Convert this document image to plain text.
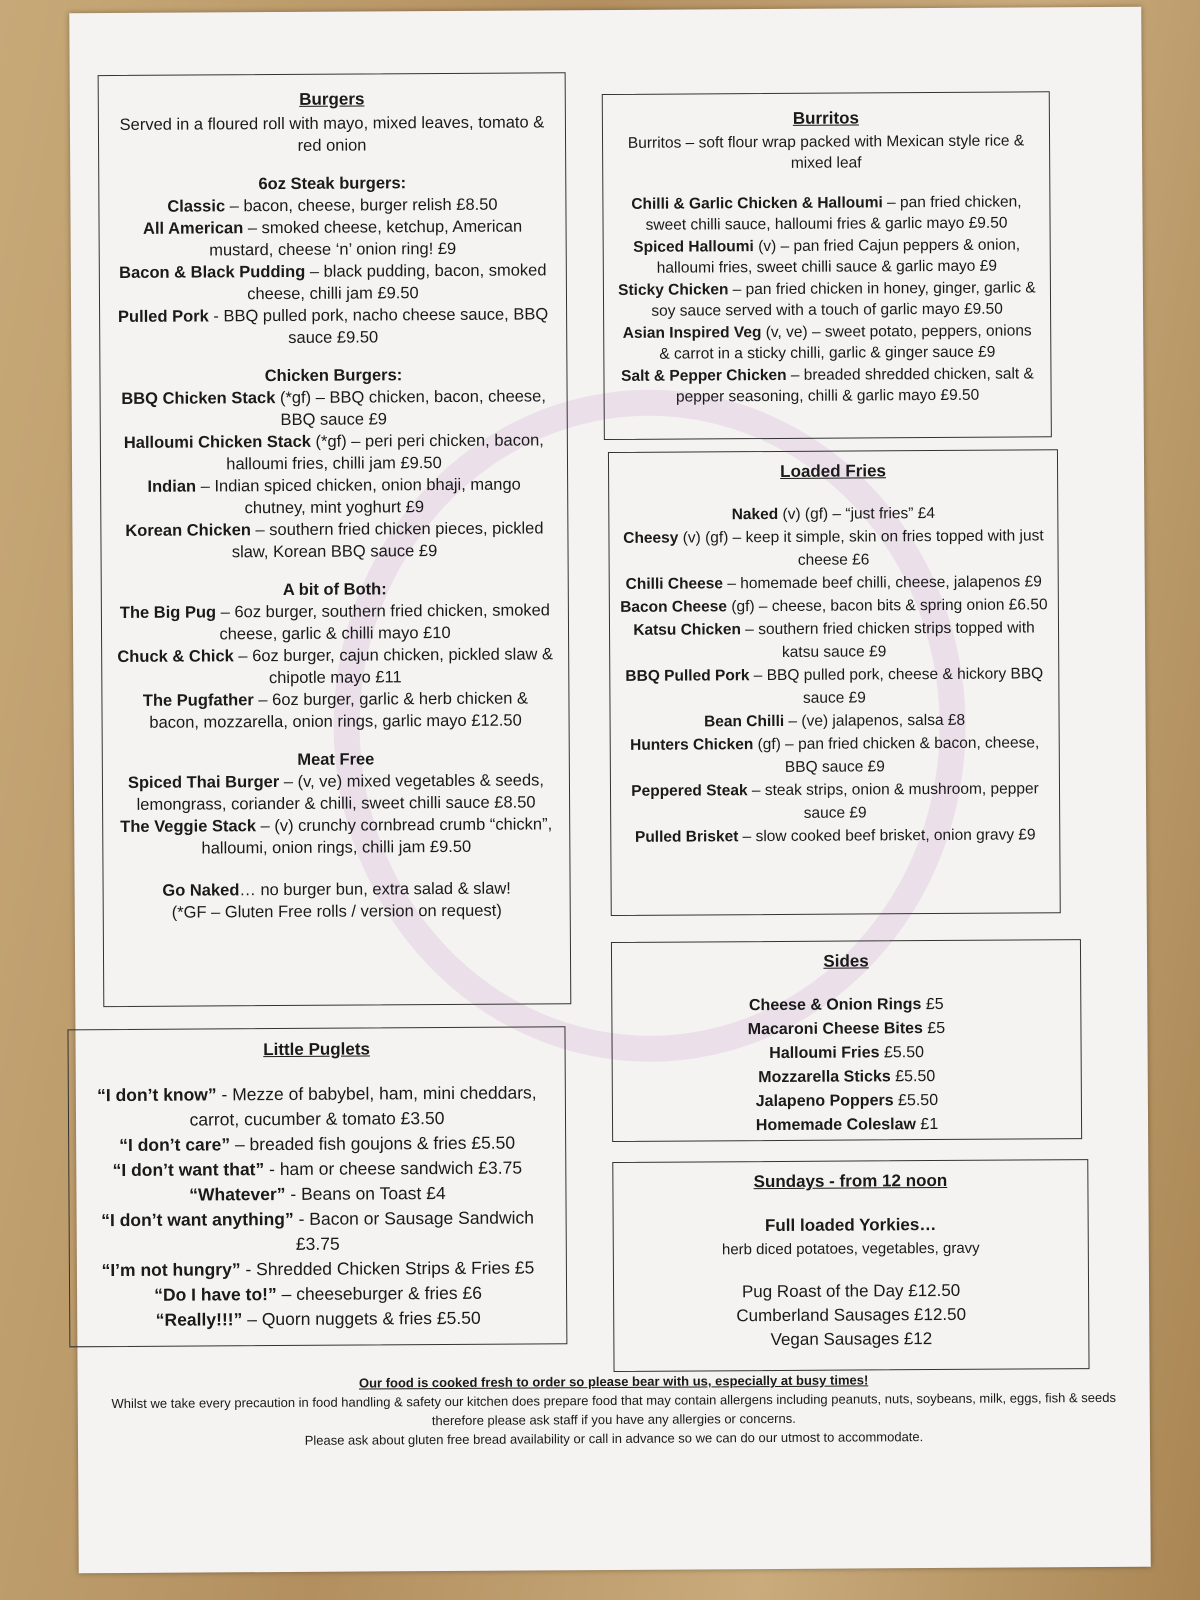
Burgers
Served in a floured roll with mayo, mixed leaves, tomato & red onion
6oz Steak burgers:
Classic – bacon, cheese, burger relish £8.50
All American – smoked cheese, ketchup, American mustard, cheese ‘n’ onion ring! £9
Bacon & Black Pudding – black pudding, bacon, smoked cheese, chilli jam £9.50
Pulled Pork - BBQ pulled pork, nacho cheese sauce, BBQ sauce £9.50
Chicken Burgers:
BBQ Chicken Stack (*gf) – BBQ chicken, bacon, cheese, BBQ sauce £9
Halloumi Chicken Stack (*gf) – peri peri chicken, bacon, halloumi fries, chilli jam £9.50
Indian – Indian spiced chicken, onion bhaji, mango chutney, mint yoghurt £9
Korean Chicken – southern fried chicken pieces, pickled slaw, Korean BBQ sauce £9
A bit of Both:
The Big Pug – 6oz burger, southern fried chicken, smoked cheese, garlic & chilli mayo £10
Chuck & Chick – 6oz burger, cajun chicken, pickled slaw & chipotle mayo £11
The Pugfather – 6oz burger, garlic & herb chicken & bacon, mozzarella, onion rings, garlic mayo £12.50
Meat Free
Spiced Thai Burger – (v, ve) mixed vegetables & seeds, lemongrass, coriander & chilli, sweet chilli sauce £8.50
The Veggie Stack – (v) crunchy cornbread crumb “chickn”, halloumi, onion rings, chilli jam £9.50
Go Naked… no burger bun, extra salad & slaw!
(*GF – Gluten Free rolls / version on request)
Little Puglets
“I don’t know” - Mezze of babybel, ham, mini cheddars, carrot, cucumber & tomato £3.50
“I don’t care” – breaded fish goujons & fries £5.50
“I don’t want that” - ham or cheese sandwich £3.75
“Whatever” - Beans on Toast £4
“I don’t want anything” - Bacon or Sausage Sandwich £3.75
“I’m not hungry” - Shredded Chicken Strips & Fries £5
“Do I have to!” – cheeseburger & fries £6
“Really!!!” – Quorn nuggets & fries £5.50
Burritos
Burritos – soft flour wrap packed with Mexican style rice & mixed leaf
Chilli & Garlic Chicken & Halloumi – pan fried chicken, sweet chilli sauce, halloumi fries & garlic mayo £9.50
Spiced Halloumi (v) – pan fried Cajun peppers & onion, halloumi fries, sweet chilli sauce & garlic mayo £9
Sticky Chicken – pan fried chicken in honey, ginger, garlic & soy sauce served with a touch of garlic mayo £9.50
Asian Inspired Veg (v, ve) – sweet potato, peppers, onions & carrot in a sticky chilli, garlic & ginger sauce £9
Salt & Pepper Chicken – breaded shredded chicken, salt & pepper seasoning, chilli & garlic mayo £9.50
Loaded Fries
Naked (v) (gf) – “just fries” £4
Cheesy (v) (gf) – keep it simple, skin on fries topped with just cheese £6
Chilli Cheese – homemade beef chilli, cheese, jalapenos £9
Bacon Cheese (gf) – cheese, bacon bits & spring onion £6.50
Katsu Chicken – southern fried chicken strips topped with katsu sauce £9
BBQ Pulled Pork – BBQ pulled pork, cheese & hickory BBQ sauce £9
Bean Chilli – (ve) jalapenos, salsa £8
Hunters Chicken (gf) – pan fried chicken & bacon, cheese, BBQ sauce £9
Peppered Steak – steak strips, onion & mushroom, pepper sauce £9
Pulled Brisket – slow cooked beef brisket, onion gravy £9
Sides
Cheese & Onion Rings £5
Macaroni Cheese Bites £5
Halloumi Fries £5.50
Mozzarella Sticks £5.50
Jalapeno Poppers £5.50
Homemade Coleslaw £1
Sundays - from 12 noon
Full loaded Yorkies…
herb diced potatoes, vegetables, gravy
Pug Roast of the Day £12.50
Cumberland Sausages £12.50
Vegan Sausages £12
Our food is cooked fresh to order so please bear with us, especially at busy times!
Whilst we take every precaution in food handling & safety our kitchen does prepare food that may contain allergens including peanuts, nuts, soybeans, milk, eggs, fish & seeds therefore please ask staff if you have any allergies or concerns.
Please ask about gluten free bread availability or call in advance so we can do our utmost to accommodate.
